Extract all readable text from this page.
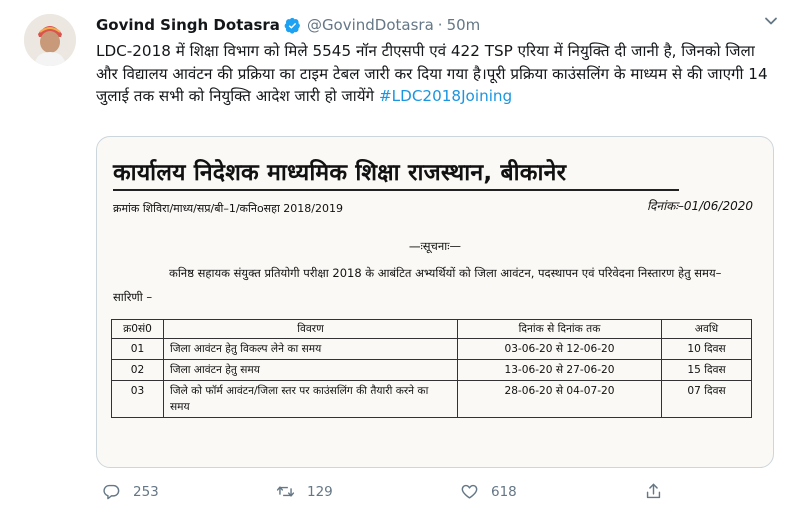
Govind Singh Dotasra @GovindDotasra · 50m
LDC-2018 में शिक्षा विभाग को मिले 5545 नॉन टीएसपी एवं 422 TSP एरिया में नियुक्ति दी जानी है, जिनको जिला और विद्यालय आवंटन की प्रक्रिया का टाइम टेबल जारी कर दिया गया है।पूरी प्रक्रिया काउंसलिंग के माध्यम से की जाएगी 14 जुलाई तक सभी को नियुक्ति आदेश जारी हो जायेंगे #LDC2018Joining
कार्यालय निदेशक माध्यमिक शिक्षा राजस्थान, बीकानेर
क्रमांक शिविरा/माध्य/सप्र/बी–1/कनिoसहा 2018/2019	दिनांकः–01/06/2020
—ःसूचनाः—
कनिष्ठ सहायक संयुक्त प्रतियोगी परीक्षा 2018 के आबंटित अभ्यर्थियों को जिला आवंटन, पदस्थापन एवं परिवेदना निस्तारण हेतु समय–सारिणी –
क्र0सं0	विवरण	दिनांक से दिनांक तक	अवधि
01	जिला आवंटन हेतु विकल्प लेने का समय	03-06-20 से 12-06-20	10 दिवस
02	जिला आवंटन हेतु समय	13-06-20 से 27-06-20	15 दिवस
03	जिले को फॉर्म आवंटन/जिला स्तर पर काउंसलिंग की तैयारी करने का समय	28-06-20 से 04-07-20	07 दिवस
253	129	618
